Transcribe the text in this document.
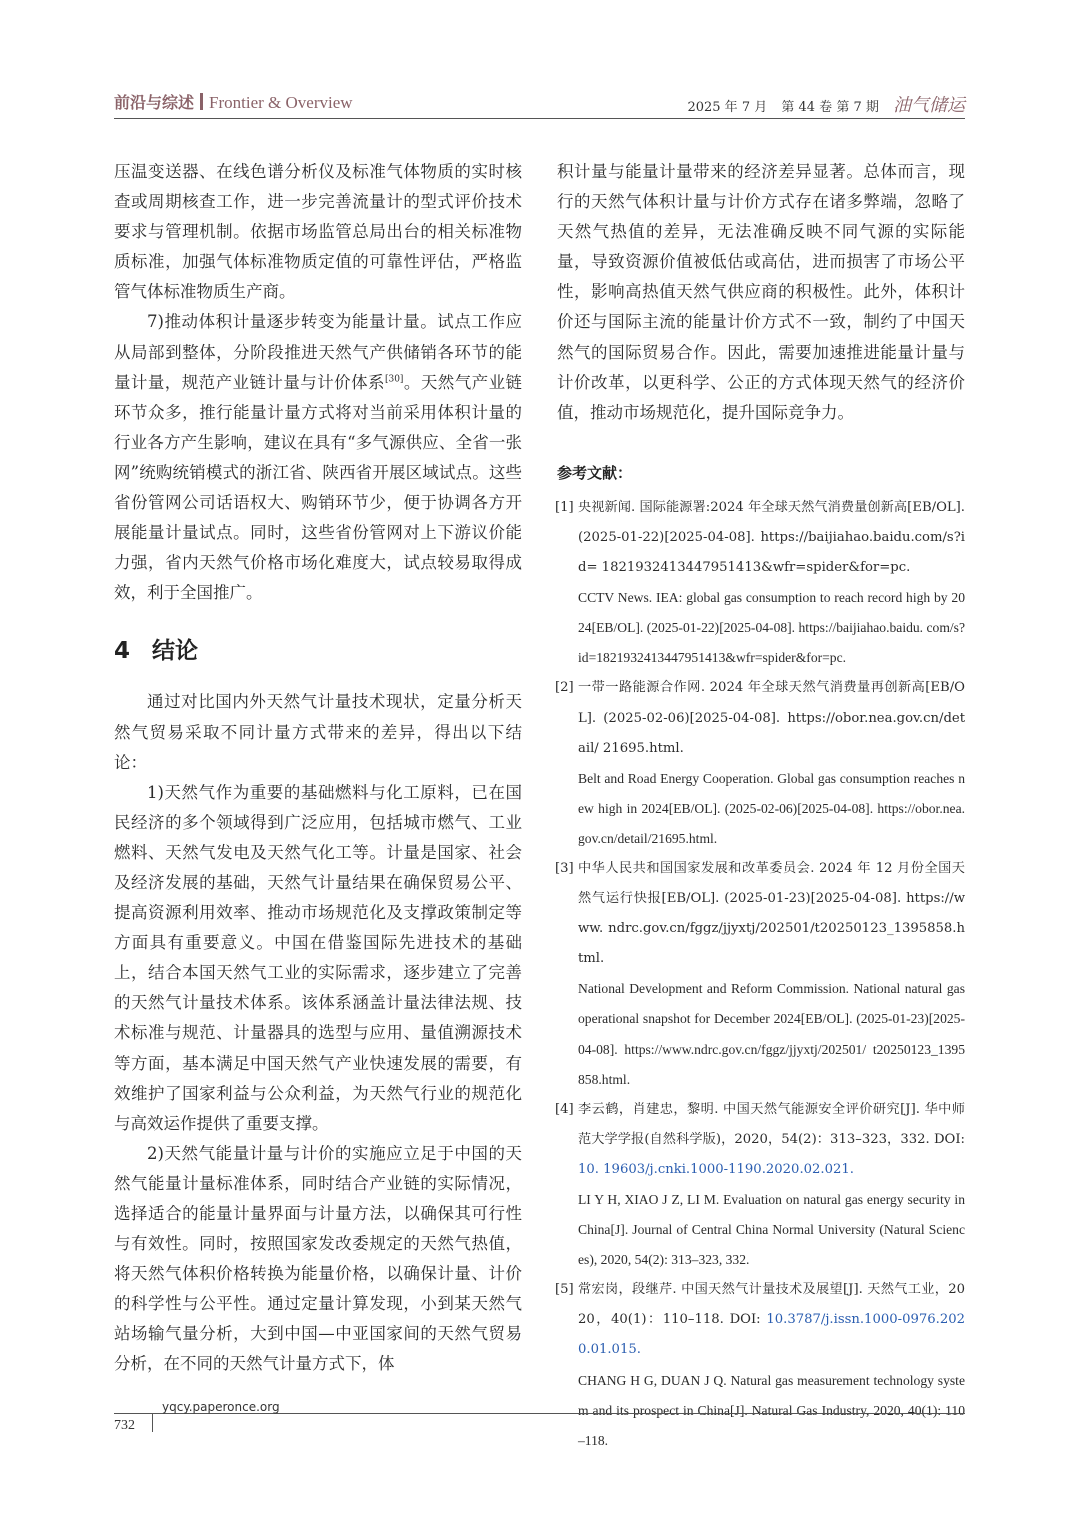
前沿与综述 Frontier & Overview	2025 年 7 月 第 44 卷 第 7 期 油气储运

压温变送器、在线色谱分析仪及标准气体物质的实时核查或周期核查工作，进一步完善流量计的型式评价技术要求与管理机制。依据市场监管总局出台的相关标准物质标准，加强气体标准物质定值的可靠性评估，严格监管气体标准物质生产商。

7)推动体积计量逐步转变为能量计量。试点工作应从局部到整体，分阶段推进天然气产供储销各环节的能量计量，规范产业链计量与计价体系[30]。天然气产业链环节众多，推行能量计量方式将对当前采用体积计量的行业各方产生影响，建议在具有“多气源供应、全省一张网”统购统销模式的浙江省、陕西省开展区域试点。这些省份管网公司话语权大、购销环节少，便于协调各方开展能量计量试点。同时，这些省份管网对上下游议价能力强，省内天然气价格市场化难度大，试点较易取得成效，利于全国推广。

4 结论

通过对比国内外天然气计量技术现状，定量分析天然气贸易采取不同计量方式带来的差异，得出以下结论：

1)天然气作为重要的基础燃料与化工原料，已在国民经济的多个领域得到广泛应用，包括城市燃气、工业燃料、天然气发电及天然气化工等。计量是国家、社会及经济发展的基础，天然气计量结果在确保贸易公平、提高资源利用效率、推动市场规范化及支撑政策制定等方面具有重要意义。中国在借鉴国际先进技术的基础上，结合本国天然气工业的实际需求，逐步建立了完善的天然气计量技术体系。该体系涵盖计量法律法规、技术标准与规范、计量器具的选型与应用、量值溯源技术等方面，基本满足中国天然气产业快速发展的需要，有效维护了国家利益与公众利益，为天然气行业的规范化与高效运作提供了重要支撑。

2)天然气能量计量与计价的实施应立足于中国的天然气能量计量标准体系，同时结合产业链的实际情况，选择适合的能量计量界面与计量方法，以确保其可行性与有效性。同时，按照国家发改委规定的天然气热值，将天然气体积价格转换为能量价格，以确保计量、计价的科学性与公平性。通过定量计算发现，小到某天然气站场输气量分析，大到中国—中亚国家间的天然气贸易分析，在不同的天然气计量方式下，体

积计量与能量计量带来的经济差异显著。总体而言，现行的天然气体积计量与计价方式存在诸多弊端，忽略了天然气热值的差异，无法准确反映不同气源的实际能量，导致资源价值被低估或高估，进而损害了市场公平性，影响高热值天然气供应商的积极性。此外，体积计价还与国际主流的能量计价方式不一致，制约了中国天然气的国际贸易合作。因此，需要加速推进能量计量与计价改革，以更科学、公正的方式体现天然气的经济价值，推动市场规范化，提升国际竞争力。

参考文献：
[1] 央视新闻. 国际能源署:2024 年全球天然气消费量创新高[EB/OL]. (2025-01-22)[2025-04-08]. https://baijiahao.baidu.com/s?id= 1821932413447951413&wfr=spider&for=pc.
CCTV News. IEA: global gas consumption to reach record high by 2024[EB/OL]. (2025-01-22)[2025-04-08]. https://baijiahao.baidu. com/s?id=1821932413447951413&wfr=spider&for=pc.
[2] 一带一路能源合作网. 2024 年全球天然气消费量再创新高[EB/OL]. (2025-02-06)[2025-04-08]. https://obor.nea.gov.cn/detail/ 21695.html.
Belt and Road Energy Cooperation. Global gas consumption reaches new high in 2024[EB/OL]. (2025-02-06)[2025-04-08]. https://obor.nea.gov.cn/detail/21695.html.
[3] 中华人民共和国国家发展和改革委员会. 2024 年 12 月份全国天然气运行快报[EB/OL]. (2025-01-23)[2025-04-08]. https://www. ndrc.gov.cn/fggz/jjyxtj/202501/t20250123_1395858.html.
National Development and Reform Commission. National natural gas operational snapshot for December 2024[EB/OL]. (2025-01-23)[2025-04-08]. https://www.ndrc.gov.cn/fggz/jjyxtj/202501/ t20250123_1395858.html.
[4] 李云鹤，肖建忠，黎明. 中国天然气能源安全评价研究[J]. 华中师范大学学报(自然科学版)，2020，54(2)：313–323，332. DOI: 10. 19603/j.cnki.1000-1190.2020.02.021.
LI Y H, XIAO J Z, LI M. Evaluation on natural gas energy security in China[J]. Journal of Central China Normal University (Natural Sciences), 2020, 54(2): 313–323, 332.
[5] 常宏岗，段继芹. 中国天然气计量技术及展望[J]. 天然气工业，2020，40(1)：110–118. DOI: 10.3787/j.issn.1000-0976.2020.01.015.
CHANG H G, DUAN J Q. Natural gas measurement technology system and its prospect in China[J]. Natural Gas Industry, 2020, 40(1): 110–118.
732
yqcy.paperonce.org
